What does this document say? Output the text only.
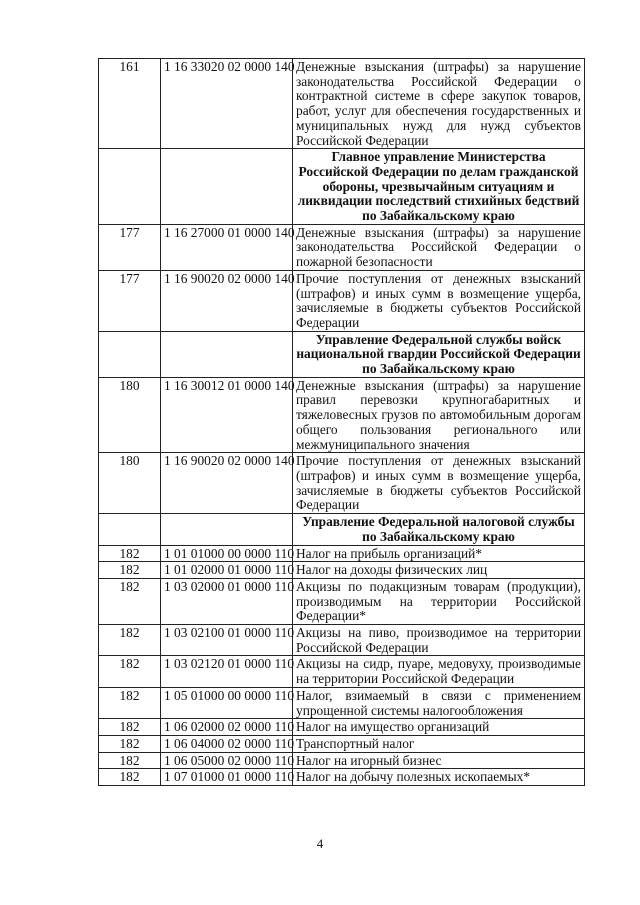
161	1 16 33020 02 0000 140	Денежные взыскания (штрафы) за нарушение законодательства Российской Федерации о контрактной системе в сфере закупок товаров, работ, услуг для обеспечения государственных и муниципальных нужд для нужд субъектов Российской Федерации
		Главное управление Министерства Российской Федерации по делам гражданской обороны, чрезвычайным ситуациям и ликвидации последствий стихийных бедствий по Забайкальскому краю
177	1 16 27000 01 0000 140	Денежные взыскания (штрафы) за нарушение законодательства Российской Федерации о пожарной безопасности
177	1 16 90020 02 0000 140	Прочие поступления от денежных взысканий (штрафов) и иных сумм в возмещение ущерба, зачисляемые в бюджеты субъектов Российской Федерации
		Управление Федеральной службы войск национальной гвардии Российской Федерации по Забайкальскому краю
180	1 16 30012 01 0000 140	Денежные взыскания (штрафы) за нарушение правил перевозки крупногабаритных и тяжеловесных грузов по автомобильным дорогам общего пользования регионального или межмуниципального значения
180	1 16 90020 02 0000 140	Прочие поступления от денежных взысканий (штрафов) и иных сумм в возмещение ущерба, зачисляемые в бюджеты субъектов Российской Федерации
		Управление Федеральной налоговой службы по Забайкальскому краю
182	1 01 01000 00 0000 110	Налог на прибыль организаций*
182	1 01 02000 01 0000 110	Налог на доходы физических лиц
182	1 03 02000 01 0000 110	Акцизы по подакцизным товарам (продукции), производимым на территории Российской Федерации*
182	1 03 02100 01 0000 110	Акцизы на пиво, производимое на территории Российской Федерации
182	1 03 02120 01 0000 110	Акцизы на сидр, пуаре, медовуху, производимые на территории Российской Федерации
182	1 05 01000 00 0000 110	Налог, взимаемый в связи с применением упрощенной системы налогообложения
182	1 06 02000 02 0000 110	Налог на имущество организаций
182	1 06 04000 02 0000 110	Транспортный налог
182	1 06 05000 02 0000 110	Налог на игорный бизнес
182	1 07 01000 01 0000 110	Налог на добычу полезных ископаемых*
4
